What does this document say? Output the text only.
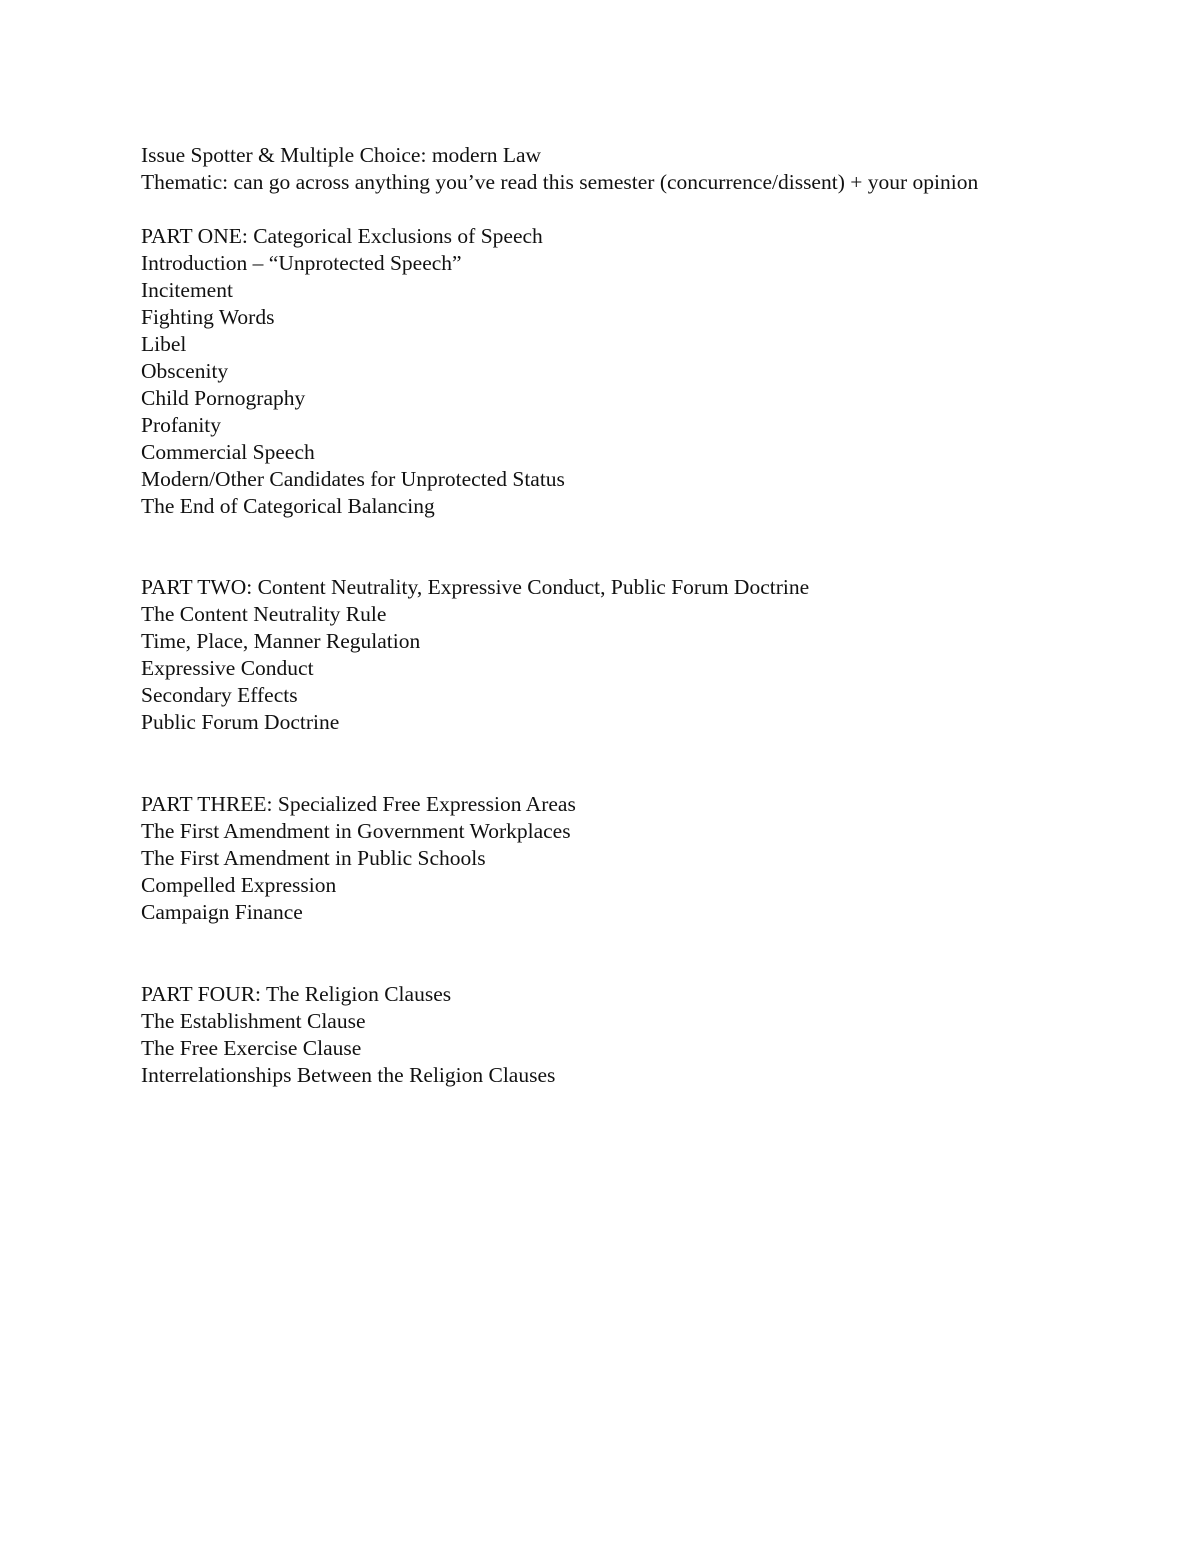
Issue Spotter & Multiple Choice: modern Law

Thematic: can go across anything you’ve read this semester (concurrence/dissent) + your opinion

PART ONE: Categorical Exclusions of Speech

Introduction – “Unprotected Speech”
Incitement
Fighting Words
Libel
Obscenity
Child Pornography
Profanity
Commercial Speech
Modern/Other Candidates for Unprotected Status
The End of Categorical Balancing

PART TWO: Content Neutrality, Expressive Conduct, Public Forum Doctrine

The Content Neutrality Rule
Time, Place, Manner Regulation
Expressive Conduct
Secondary Effects
Public Forum Doctrine

PART THREE: Specialized Free Expression Areas

The First Amendment in Government Workplaces
The First Amendment in Public Schools
Compelled Expression
Campaign Finance

PART FOUR: The Religion Clauses

The Establishment Clause
The Free Exercise Clause
Interrelationships Between the Religion Clauses
